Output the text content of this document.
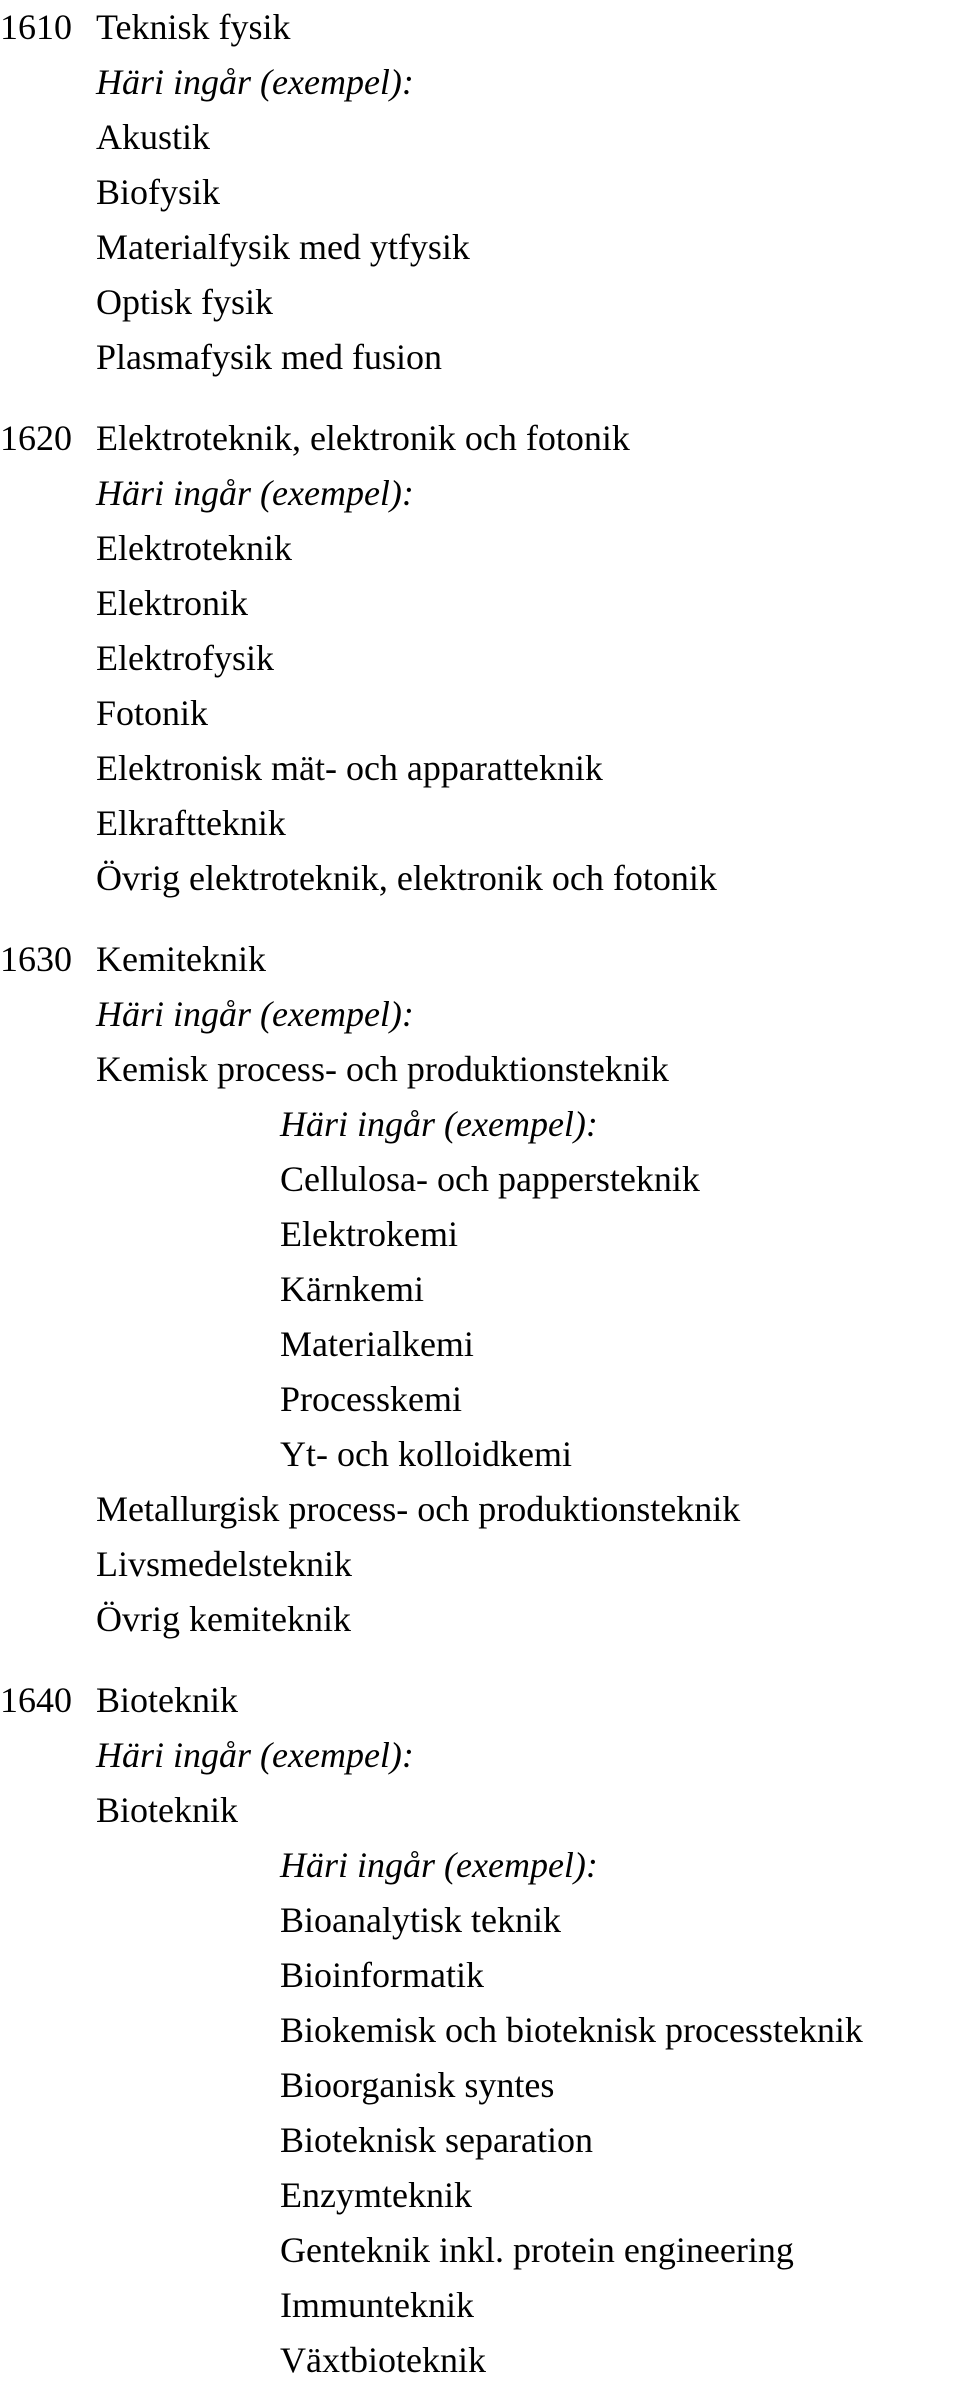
1610 Teknisk fysik
Häri ingår (exempel):
Akustik
Biofysik
Materialfysik med ytfysik
Optisk fysik
Plasmafysik med fusion
1620 Elektroteknik, elektronik och fotonik
Häri ingår (exempel):
Elektroteknik
Elektronik
Elektrofysik
Fotonik
Elektronisk mät- och apparatteknik
Elkraftteknik
Övrig elektroteknik, elektronik och fotonik
1630 Kemiteknik
Häri ingår (exempel):
Kemisk process- och produktionsteknik
Häri ingår (exempel):
Cellulosa- och pappersteknik
Elektrokemi
Kärnkemi
Materialkemi
Processkemi
Yt- och kolloidkemi
Metallurgisk process- och produktionsteknik
Livsmedelsteknik
Övrig kemiteknik
1640 Bioteknik
Häri ingår (exempel):
Bioteknik
Häri ingår (exempel):
Bioanalytisk teknik
Bioinformatik
Biokemisk och bioteknisk processteknik
Bioorganisk syntes
Bioteknisk separation
Enzymteknik
Genteknik inkl. protein engineering
Immunteknik
Växtbioteknik
